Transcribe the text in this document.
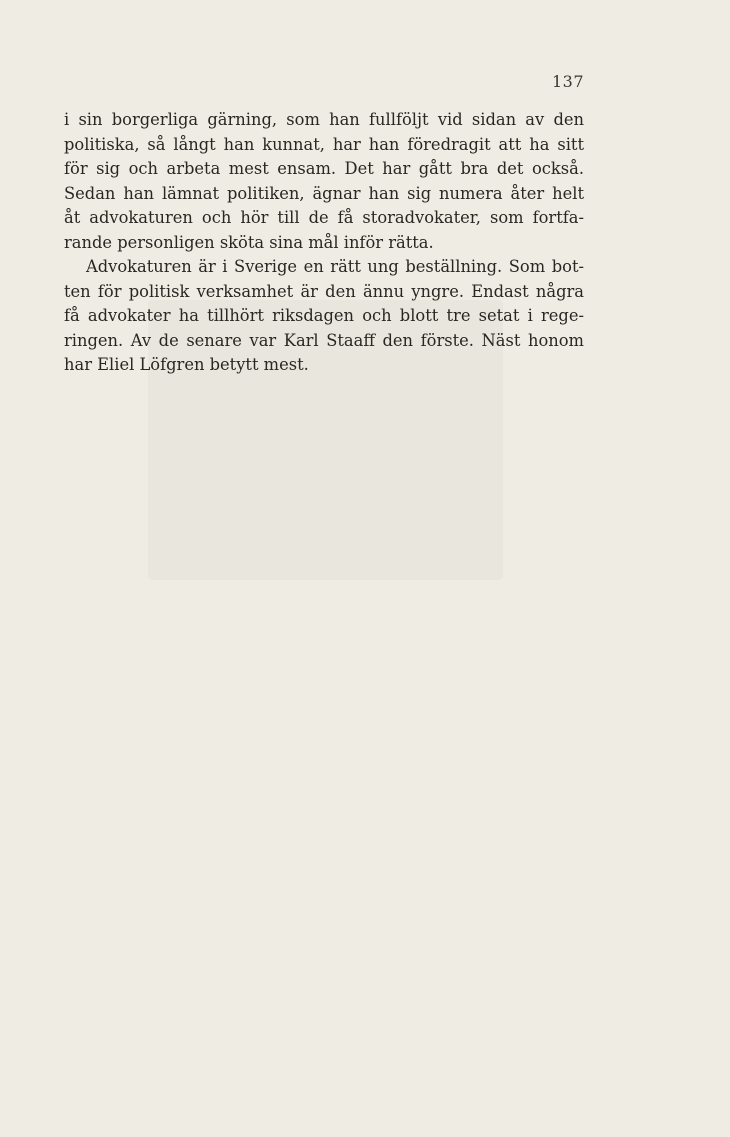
137
i sin borgerliga gärning, som han fullföljt vid sidan av den
politiska, så långt han kunnat, har han föredragit att ha sitt
för sig och arbeta mest ensam. Det har gått bra det också.
Sedan han lämnat politiken, ägnar han sig numera åter helt
åt advokaturen och hör till de få storadvokater, som fortfa-
rande personligen sköta sina mål inför rätta.
Advokaturen är i Sverige en rätt ung beställning. Som bot-
ten för politisk verksamhet är den ännu yngre. Endast några
få advokater ha tillhört riksdagen och blott tre setat i rege-
ringen. Av de senare var Karl Staaff den förste. Näst honom
har Eliel Löfgren betytt mest.
